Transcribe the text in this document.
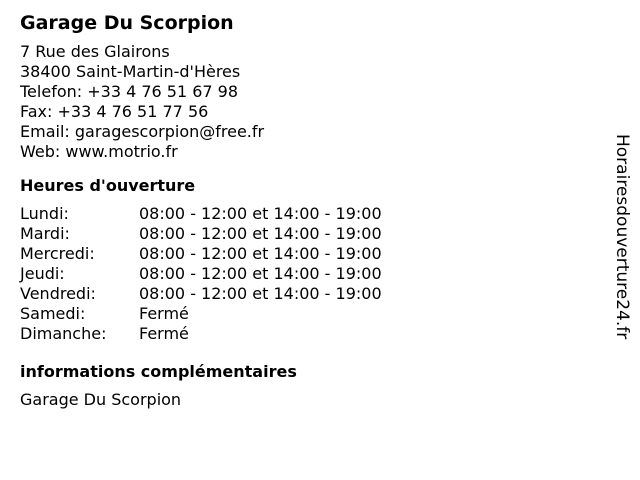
Garage Du Scorpion
7 Rue des Glairons
38400 Saint-Martin-d'Hères
Telefon: +33 4 76 51 67 98
Fax: +33 4 76 51 77 56
Email: garagescorpion@free.fr
Web: www.motrio.fr
Heures d'ouverture
Lundi:	08:00 - 12:00 et 14:00 - 19:00
Mardi:	08:00 - 12:00 et 14:00 - 19:00
Mercredi:	08:00 - 12:00 et 14:00 - 19:00
Jeudi:	08:00 - 12:00 et 14:00 - 19:00
Vendredi:	08:00 - 12:00 et 14:00 - 19:00
Samedi:	Fermé
Dimanche:	Fermé
informations complémentaires
Garage Du Scorpion
Horairesdouverture24.fr
